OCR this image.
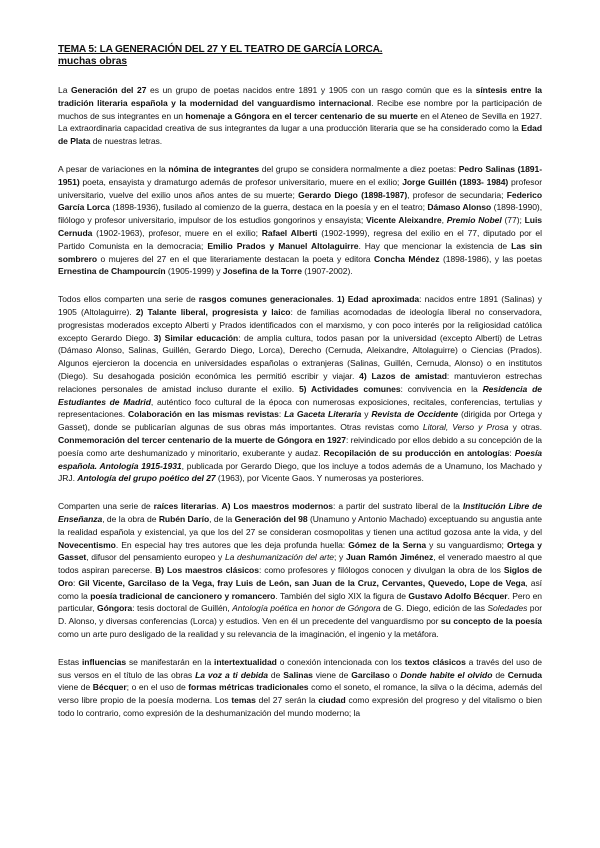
TEMA 5: LA GENERACIÓN DEL 27 Y EL TEATRO DE GARCÍA LORCA.
muchas obras

La Generación del 27 es un grupo de poetas nacidos entre 1891 y 1905 con un rasgo común que es la síntesis entre la tradición literaria española y la modernidad del vanguardismo internacional. Recibe ese nombre por la participación de muchos de sus integrantes en un homenaje a Góngora en el tercer centenario de su muerte en el Ateneo de Sevilla en 1927. La extraordinaria capacidad creativa de sus integrantes da lugar a una producción literaria que se ha considerado como la Edad de Plata de nuestras letras.

A pesar de variaciones en la nómina de integrantes del grupo se considera normalmente a diez poetas: Pedro Salinas (1891-1951) poeta, ensayista y dramaturgo además de profesor universitario, muere en el exilio; Jorge Guillén (1893- 1984) profesor universitario, vuelve del exilio unos años antes de su muerte; Gerardo Diego (1898-1987), profesor de secundaria; Federico García Lorca (1898-1936), fusilado al comienzo de la guerra, destaca en la poesía y en el teatro; Dámaso Alonso (1898-1990), filólogo y profesor universitario, impulsor de los estudios gongorinos y ensayista; Vicente Aleixandre, Premio Nobel (77); Luis Cernuda (1902-1963), profesor, muere en el exilio; Rafael Alberti (1902-1999), regresa del exilio en el 77, diputado por el Partido Comunista en la democracia; Emilio Prados y Manuel Altolaguirre. Hay que mencionar la existencia de Las sin sombrero o mujeres del 27 en el que literariamente destacan la poeta y editora Concha Méndez (1898-1986), y las poetas Ernestina de Champourcín (1905-1999) y Josefina de la Torre (1907-2002).

Todos ellos comparten una serie de rasgos comunes generacionales. 1) Edad aproximada: nacidos entre 1891 (Salinas) y 1905 (Altolaguirre). 2) Talante liberal, progresista y laico: de familias acomodadas de ideología liberal no conservadora, progresistas moderados excepto Alberti y Prados identificados con el marxismo, y con poco interés por la religiosidad católica excepto Gerardo Diego. 3) Similar educación: de amplia cultura, todos pasan por la universidad (excepto Alberti) de Letras (Dámaso Alonso, Salinas, Guillén, Gerardo Diego, Lorca), Derecho (Cernuda, Aleixandre, Altolaguirre) o Ciencias (Prados). Algunos ejercieron la docencia en universidades españolas o extranjeras (Salinas, Guillén, Cernuda, Alonso) o en institutos (Diego). Su desahogada posición económica les permitió escribir y viajar. 4) Lazos de amistad: mantuvieron estrechas relaciones personales de amistad incluso durante el exilio. 5) Actividades comunes: convivencia en la Residencia de Estudiantes de Madrid, auténtico foco cultural de la época con numerosas exposiciones, recitales, conferencias, tertulias y representaciones. Colaboración en las mismas revistas: La Gaceta Literaria y Revista de Occidente (dirigida por Ortega y Gasset), donde se publicarían algunas de sus obras más importantes. Otras revistas como Litoral, Verso y Prosa y otras. Conmemoración del tercer centenario de la muerte de Góngora en 1927: reivindicado por ellos debido a su concepción de la poesía como arte deshumanizado y minoritario, exuberante y audaz. Recopilación de su producción en antologías: Poesía española. Antología 1915-1931, publicada por Gerardo Diego, que los incluye a todos además de a Unamuno, los Machado y JRJ. Antología del grupo poético del 27 (1963), por Vicente Gaos. Y numerosas ya posteriores.

Comparten una serie de raíces literarias. A) Los maestros modernos: a partir del sustrato liberal de la Institución Libre de Enseñanza, de la obra de Rubén Darío, de la Generación del 98 (Unamuno y Antonio Machado) exceptuando su angustia ante la realidad española y existencial, ya que los del 27 se consideran cosmopolitas y tienen una actitud gozosa ante la vida, y del Novecentismo. En especial hay tres autores que les deja profunda huella: Gómez de la Serna y su vanguardismo; Ortega y Gasset, difusor del pensamiento europeo y La deshumanización del arte; y Juan Ramón Jiménez, el venerado maestro al que todos aspiran parecerse. B) Los maestros clásicos: como profesores y filólogos conocen y divulgan la obra de los Siglos de Oro: Gil Vicente, Garcilaso de la Vega, fray Luis de León, san Juan de la Cruz, Cervantes, Quevedo, Lope de Vega, así como la poesía tradicional de cancionero y romancero. También del siglo XIX la figura de Gustavo Adolfo Bécquer. Pero en particular, Góngora: tesis doctoral de Guillén, Antología poética en honor de Góngora de G. Diego, edición de las Soledades por D. Alonso, y diversas conferencias (Lorca) y estudios. Ven en él un precedente del vanguardismo por su concepto de la poesía como un arte puro desligado de la realidad y su relevancia de la imaginación, el ingenio y la metáfora.

Estas influencias se manifestarán en la intertextualidad o conexión intencionada con los textos clásicos a través del uso de sus versos en el título de las obras La voz a ti debida de Salinas viene de Garcilaso o Donde habite el olvido de Cernuda viene de Bécquer; o en el uso de formas métricas tradicionales como el soneto, el romance, la silva o la décima, además del verso libre propio de la poesía moderna. Los temas del 27 serán la ciudad como expresión del progreso y del vitalismo o bien todo lo contrario, como expresión de la deshumanización del mundo moderno; la
